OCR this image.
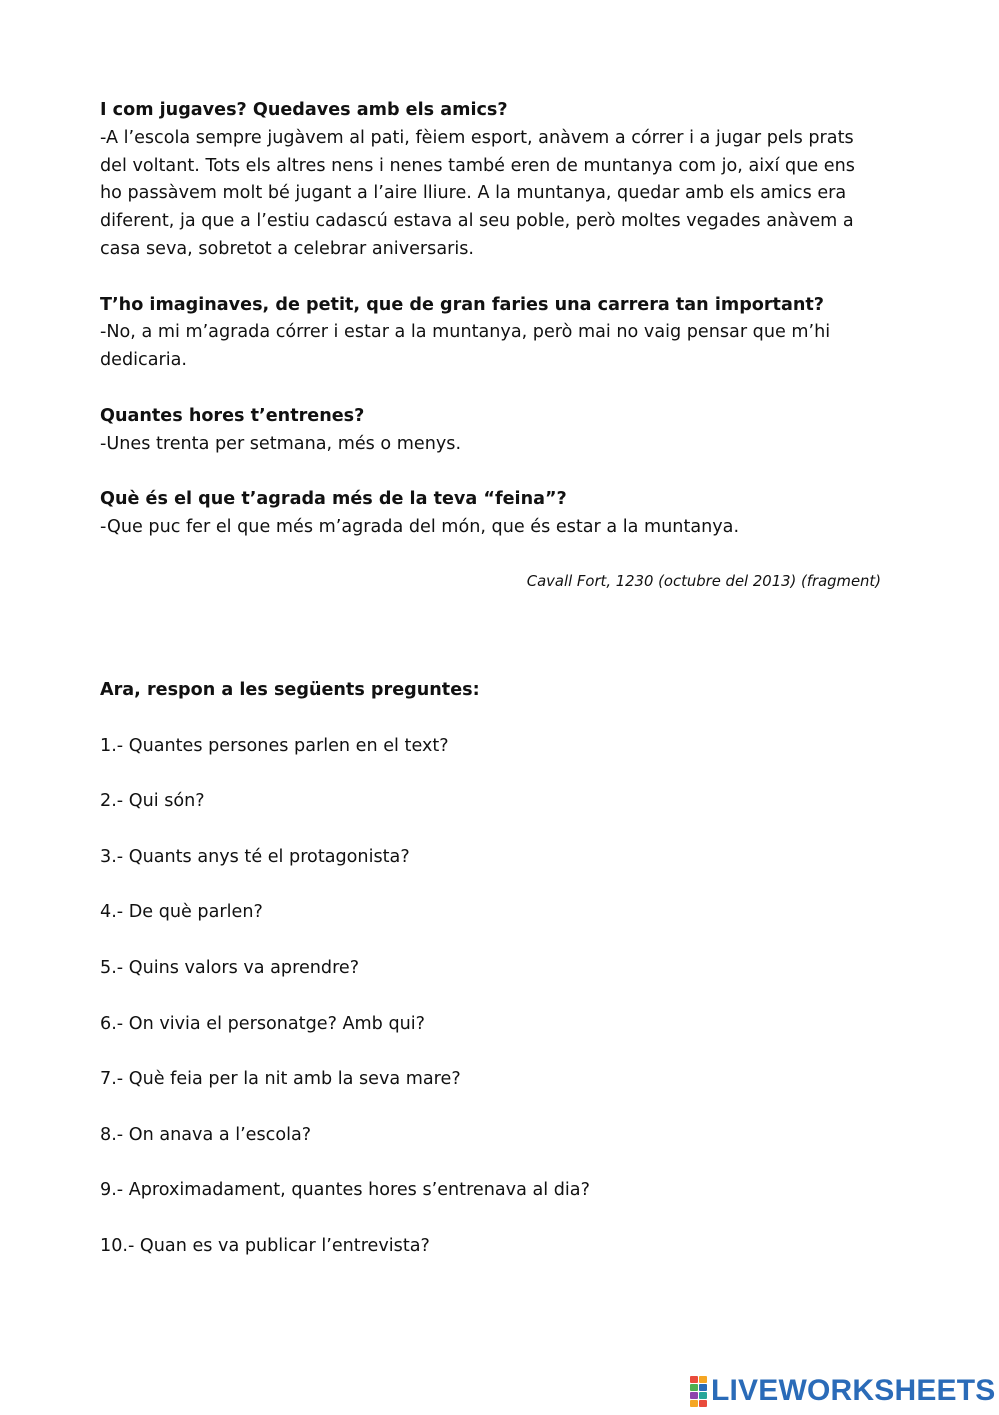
I com jugaves? Quedaves amb els amics?

-A l’escola sempre jugàvem al pati, fèiem esport, anàvem a córrer i a jugar pels prats

del voltant. Tots els altres nens i nenes també eren de muntanya com jo, així que ens

ho passàvem molt bé jugant a l’aire lliure. A la muntanya, quedar amb els amics era

diferent, ja que a l’estiu cadascú estava al seu poble, però moltes vegades anàvem a

casa seva, sobretot a celebrar aniversaris.

T’ho imaginaves, de petit, que de gran faries una carrera tan important?

-No, a mi m’agrada córrer i estar a la muntanya, però mai no vaig pensar que m’hi

dedicaria.

Quantes hores t’entrenes?

-Unes trenta per setmana, més o menys.

Què és el que t’agrada més de la teva “feina”?

-Que puc fer el que més m’agrada del món, que és estar a la muntanya.

Cavall Fort, 1230 (octubre del 2013) (fragment)

Ara, respon a les següents preguntes:

1.- Quantes persones parlen en el text?

2.- Qui són?

3.- Quants anys té el protagonista?

4.- De què parlen?

5.- Quins valors va aprendre?

6.- On vivia el personatge? Amb qui?

7.- Què feia per la nit amb la seva mare?

8.- On anava a l’escola?

9.- Aproximadament, quantes hores s’entrenava al dia?

10.- Quan es va publicar l’entrevista?

LIVEWORKSHEETS
